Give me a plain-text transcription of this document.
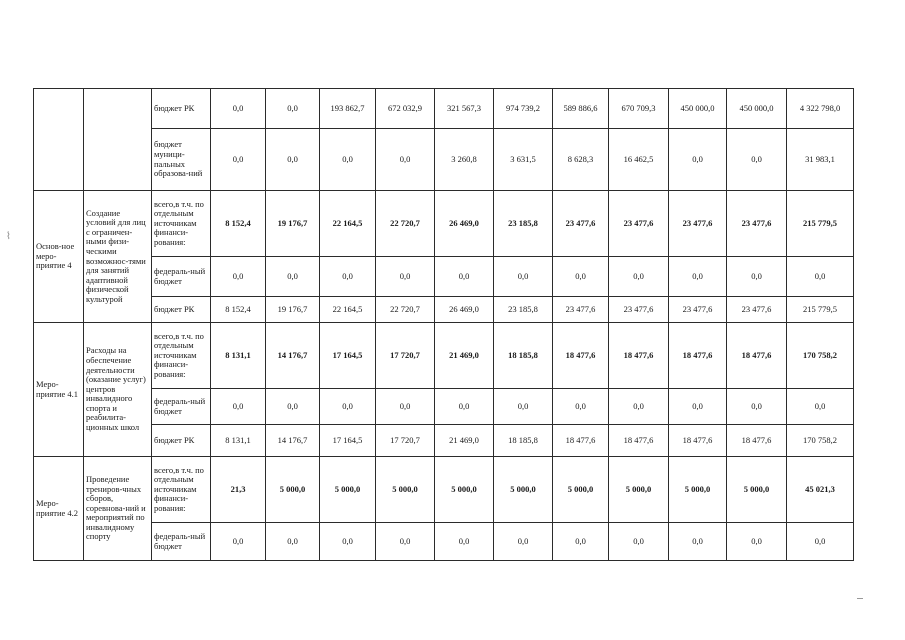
		бюджет РК	0,0	0,0	193 862,7	672 032,9	321 567,3	974 739,2	589 886,6	670 709,3	450 000,0	450 000,0	4 322 798,0
		бюджет муници-пальных образова-ний	0,0	0,0	0,0	0,0	3 260,8	3 631,5	8 628,3	16 462,5	0,0	0,0	31 983,1
Основ-ное меро-приятие 4	Создание условий для лиц с ограничен-ными физи-ческими возможнос-тями для занятий адаптивной физической культурой	всего,в т.ч. по отдельным источникам финанси-рования:	8 152,4	19 176,7	22 164,5	22 720,7	26 469,0	23 185,8	23 477,6	23 477,6	23 477,6	23 477,6	215 779,5
		федераль-ный бюджет	0,0	0,0	0,0	0,0	0,0	0,0	0,0	0,0	0,0	0,0	0,0
		бюджет РК	8 152,4	19 176,7	22 164,5	22 720,7	26 469,0	23 185,8	23 477,6	23 477,6	23 477,6	23 477,6	215 779,5
Меро-приятие 4.1	Расходы на обеспечение деятельности (оказание услуг) центров инвалидного спорта и реабилита-ционных школ	всего,в т.ч. по отдельным источникам финанси-рования:	8 131,1	14 176,7	17 164,5	17 720,7	21 469,0	18 185,8	18 477,6	18 477,6	18 477,6	18 477,6	170 758,2
		федераль-ный бюджет	0,0	0,0	0,0	0,0	0,0	0,0	0,0	0,0	0,0	0,0	0,0
		бюджет РК	8 131,1	14 176,7	17 164,5	17 720,7	21 469,0	18 185,8	18 477,6	18 477,6	18 477,6	18 477,6	170 758,2
Меро-приятие 4.2	Проведение трениров-чных сборов, соревнова-ний и мероприятий по инвалидному спорту	всего,в т.ч. по отдельным источникам финанси-рования:	21,3	5 000,0	5 000,0	5 000,0	5 000,0	5 000,0	5 000,0	5 000,0	5 000,0	5 000,0	45 021,3
		федераль-ный бюджет	0,0	0,0	0,0	0,0	0,0	0,0	0,0	0,0	0,0	0,0	0,0
⌇
